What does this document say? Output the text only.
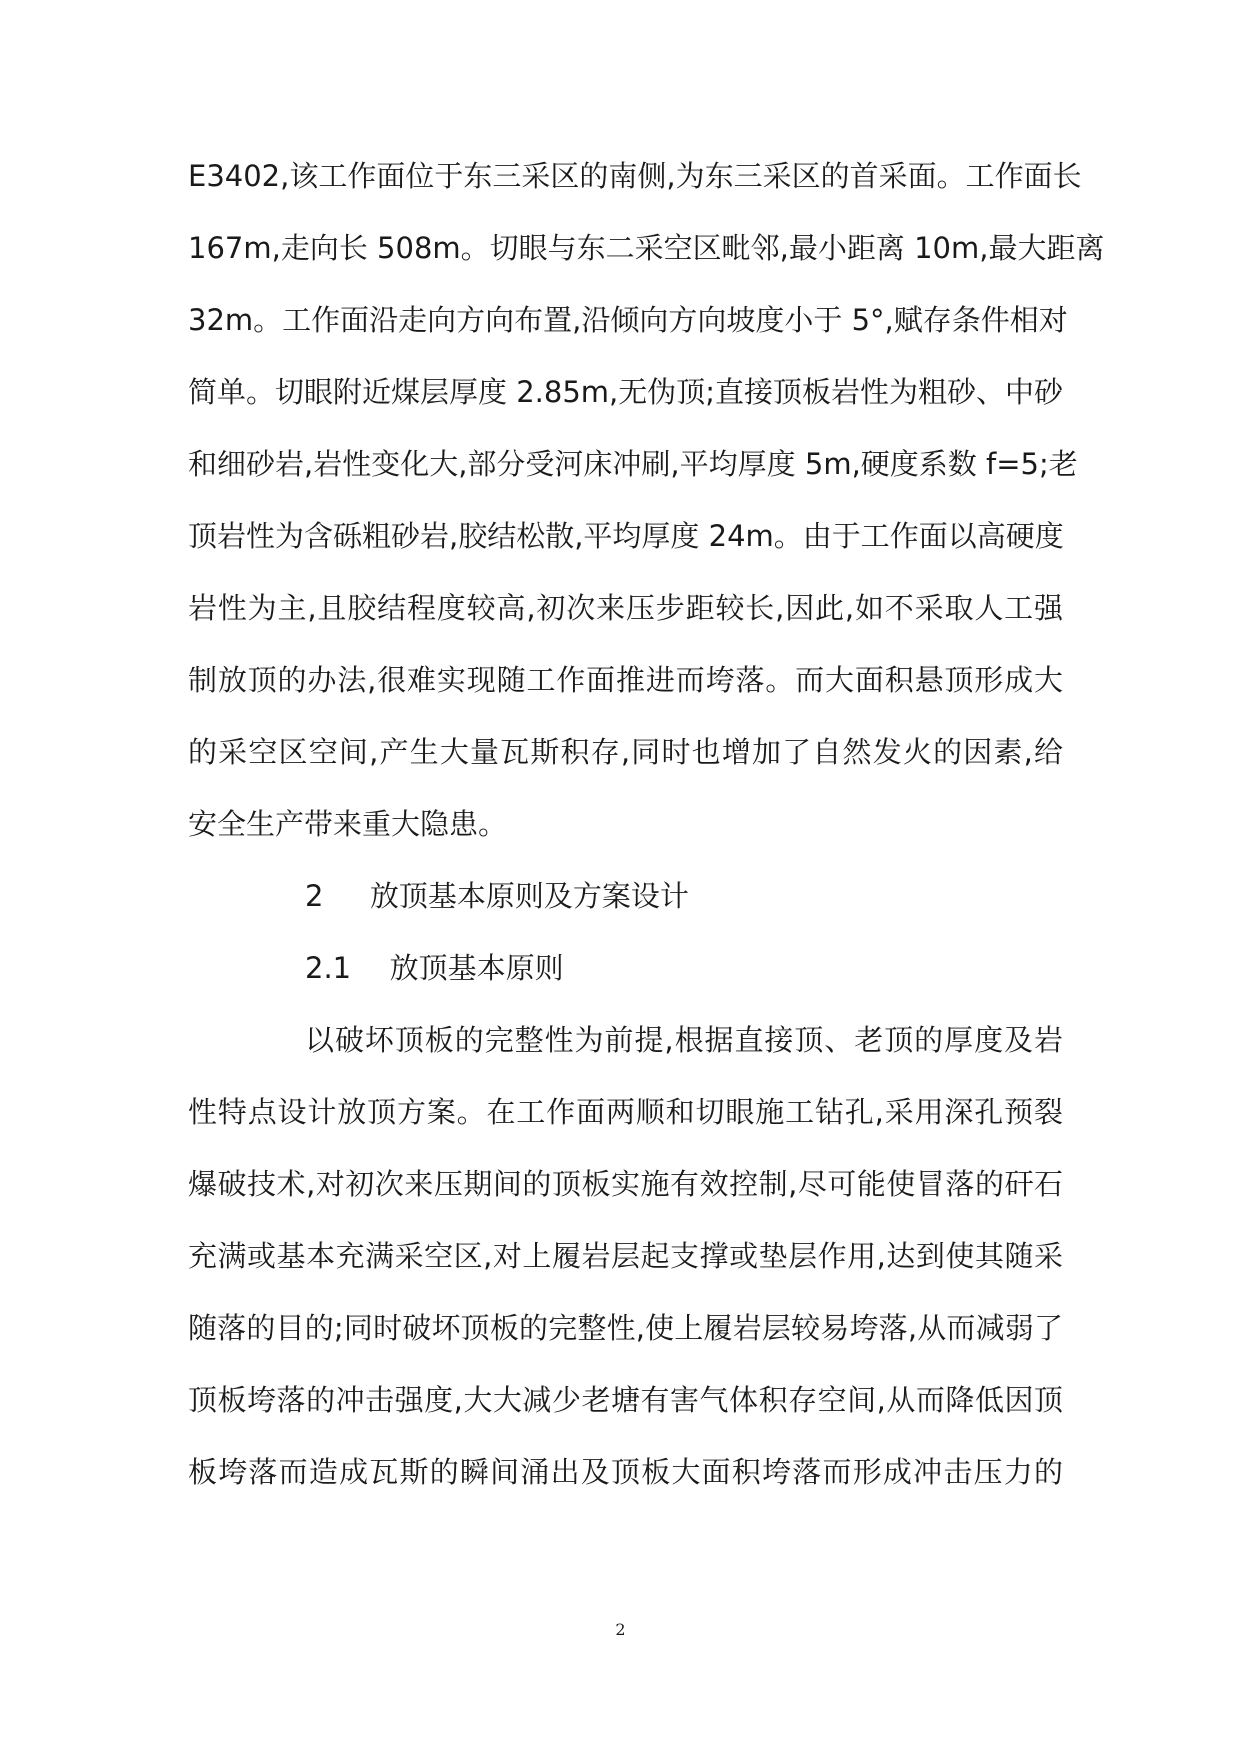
E3402,该工作面位于东三采区的南侧,为东三采区的首采面。工作面长
167m,走向长 508m。切眼与东二采空区毗邻,最小距离 10m,最大距离
32m。工作面沿走向方向布置,沿倾向方向坡度小于 5°,赋存条件相对
简单。切眼附近煤层厚度 2.85m,无伪顶;直接顶板岩性为粗砂、中砂
和细砂岩,岩性变化大,部分受河床冲刷,平均厚度 5m,硬度系数 f=5;老
顶岩性为含砾粗砂岩,胶结松散,平均厚度 24m。由于工作面以高硬度
岩性为主,且胶结程度较高,初次来压步距较长,因此,如不采取人工强
制放顶的办法,很难实现随工作面推进而垮落。而大面积悬顶形成大
的采空区空间,产生大量瓦斯积存,同时也增加了自然发火的因素,给
安全生产带来重大隐患。
2 放顶基本原则及方案设计
2.1 放顶基本原则
以破坏顶板的完整性为前提,根据直接顶、老顶的厚度及岩
性特点设计放顶方案。在工作面两顺和切眼施工钻孔,采用深孔预裂
爆破技术,对初次来压期间的顶板实施有效控制,尽可能使冒落的矸石
充满或基本充满采空区,对上履岩层起支撑或垫层作用,达到使其随采
随落的目的;同时破坏顶板的完整性,使上履岩层较易垮落,从而减弱了
顶板垮落的冲击强度,大大减少老塘有害气体积存空间,从而降低因顶
板垮落而造成瓦斯的瞬间涌出及顶板大面积垮落而形成冲击压力的
2
